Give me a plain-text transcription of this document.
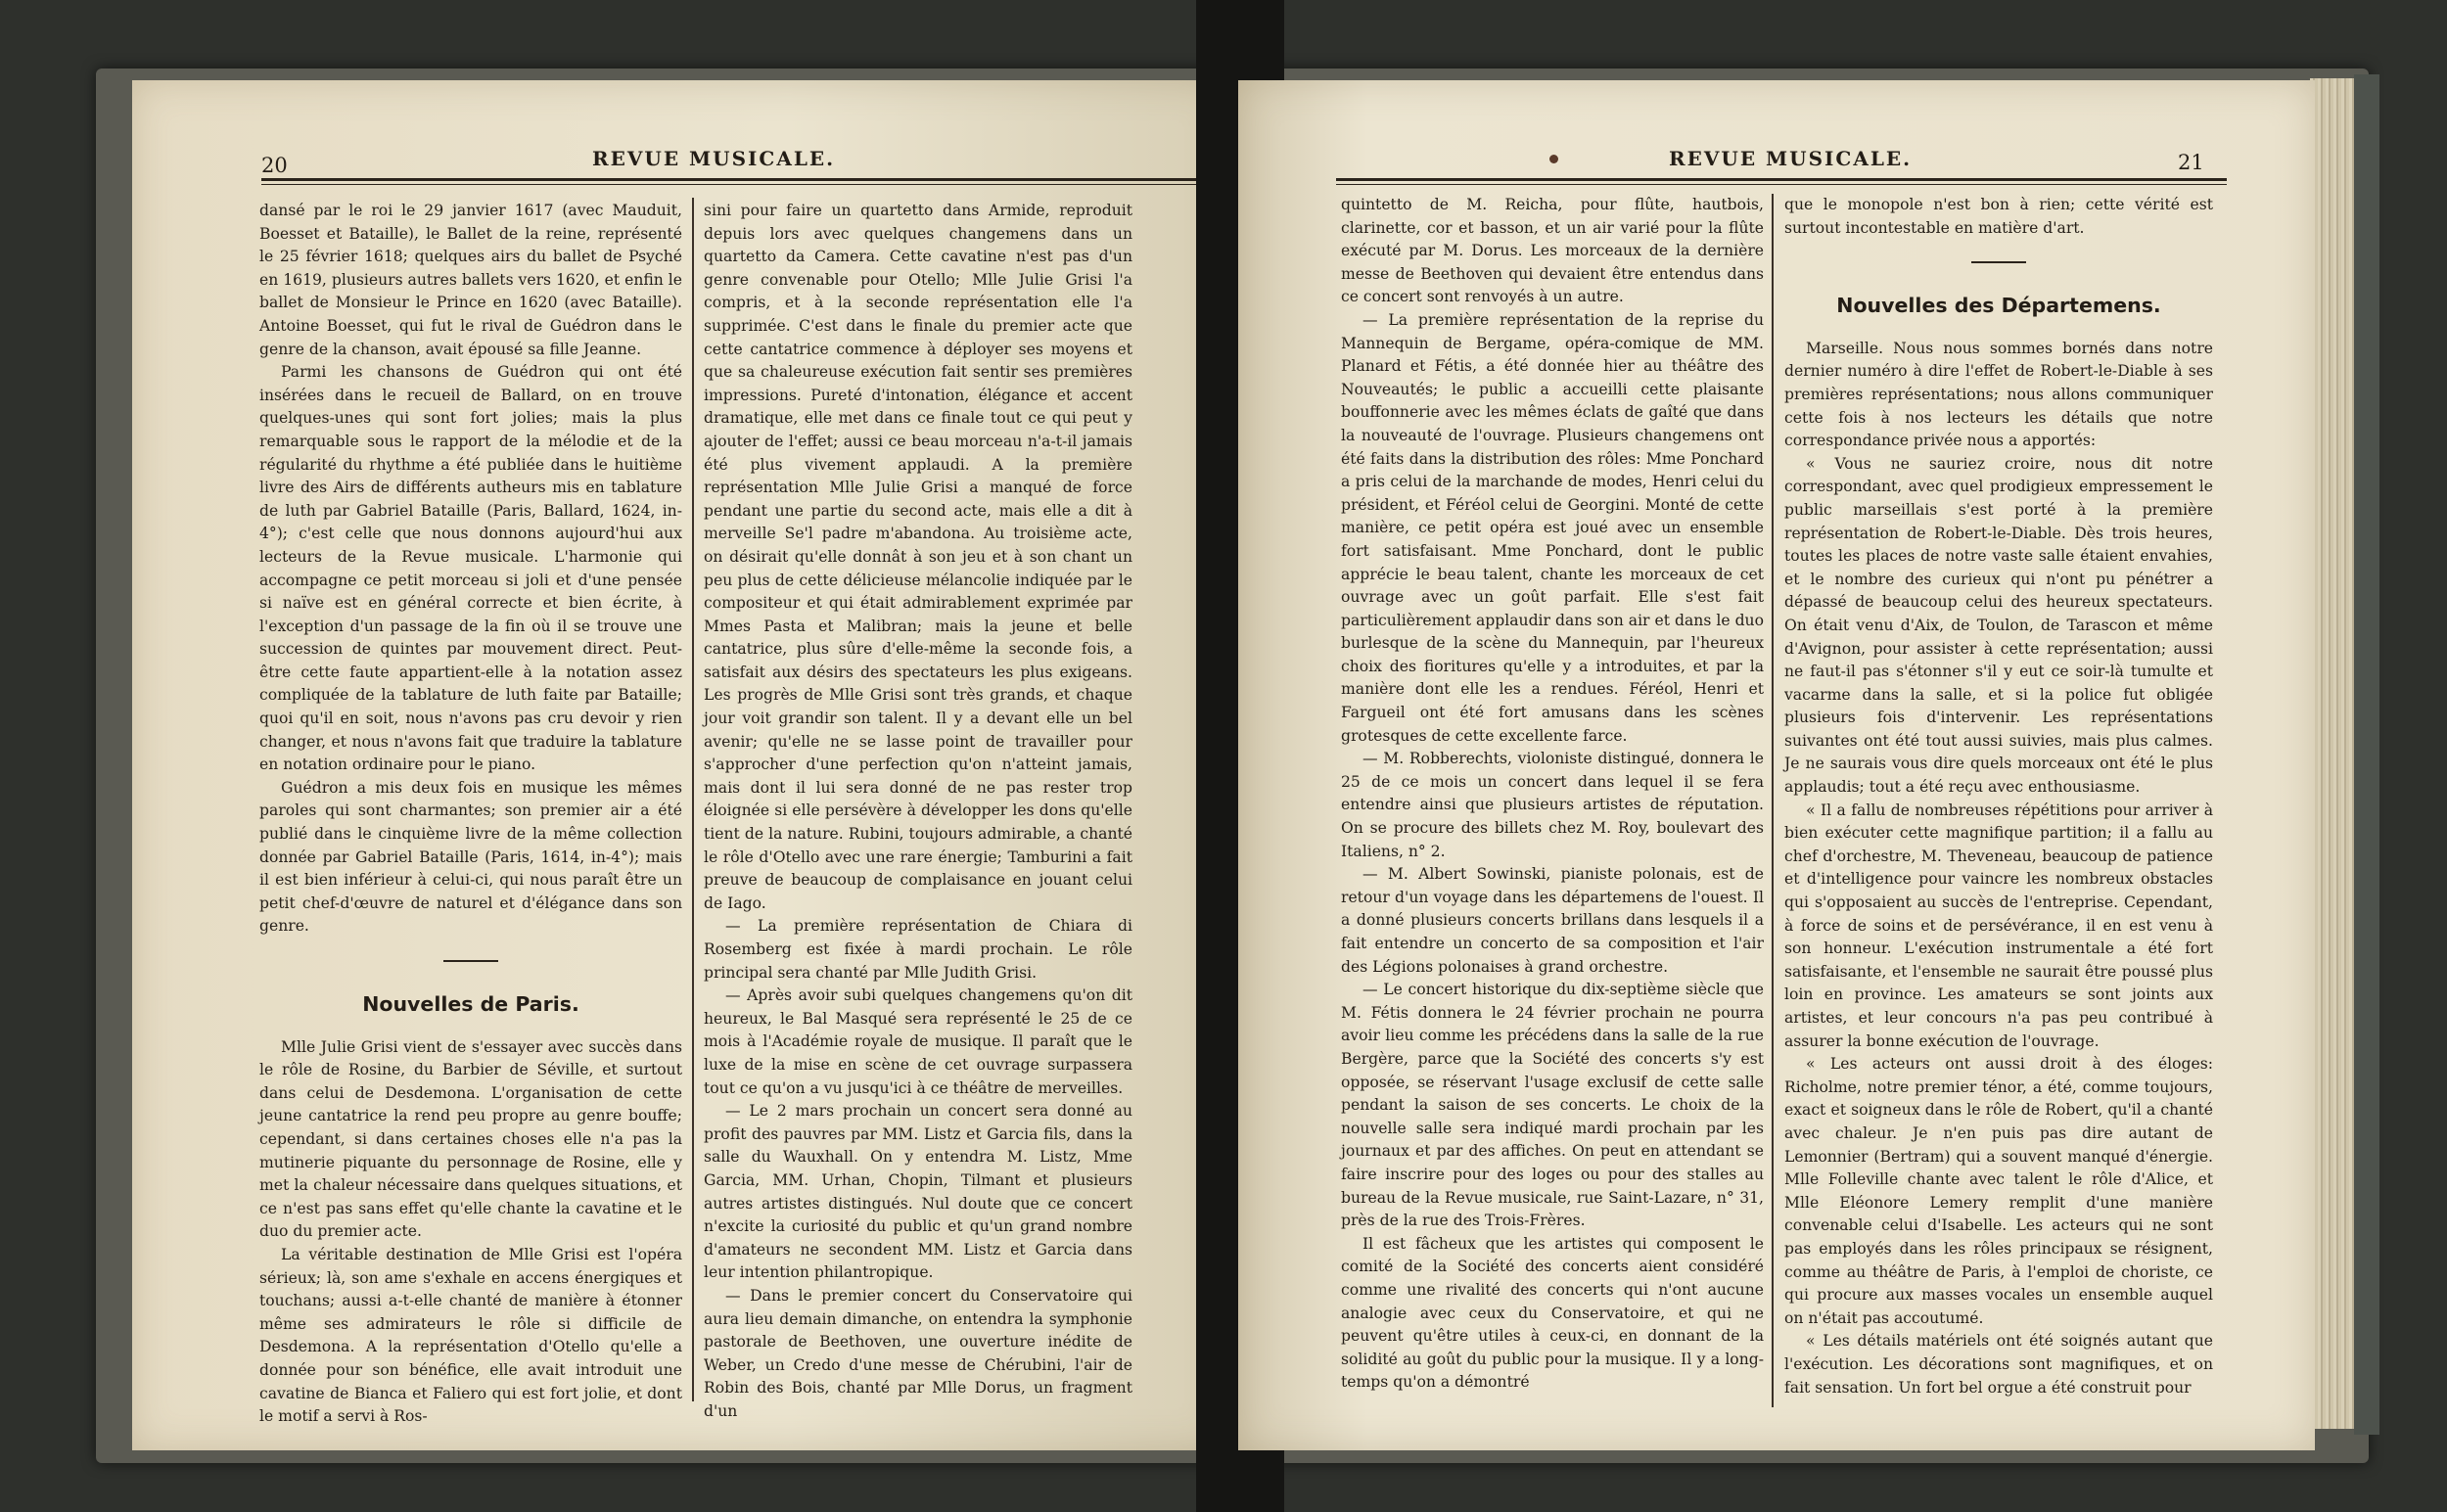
20	REVUE MUSICALE.

dansé par le roi le 29 janvier 1617 (avec Mauduit, Boesset et Bataille), le Ballet de la reine, représenté le 25 février 1618; quelques airs du ballet de Psyché en 1619, plusieurs autres ballets vers 1620, et enfin le ballet de Monsieur le Prince en 1620 (avec Bataille). Antoine Boesset, qui fut le rival de Guédron dans le genre de la chanson, avait épousé sa fille Jeanne.

Parmi les chansons de Guédron qui ont été insérées dans le recueil de Ballard, on en trouve quelques-unes qui sont fort jolies; mais la plus remarquable sous le rapport de la mélodie et de la régularité du rhythme a été publiée dans le huitième livre des Airs de différents autheurs mis en tablature de luth par Gabriel Bataille (Paris, Ballard, 1624, in-4°); c'est celle que nous donnons aujourd'hui aux lecteurs de la Revue musicale. L'harmonie qui accompagne ce petit morceau si joli et d'une pensée si naïve est en général correcte et bien écrite, à l'exception d'un passage de la fin où il se trouve une succession de quintes par mouvement direct. Peut-être cette faute appartient-elle à la notation assez compliquée de la tablature de luth faite par Bataille; quoi qu'il en soit, nous n'avons pas cru devoir y rien changer, et nous n'avons fait que traduire la tablature en notation ordinaire pour le piano.

Guédron a mis deux fois en musique les mêmes paroles qui sont charmantes; son premier air a été publié dans le cinquième livre de la même collection donnée par Gabriel Bataille (Paris, 1614, in-4°); mais il est bien inférieur à celui-ci, qui nous paraît être un petit chef-d'œuvre de naturel et d'élégance dans son genre.

Nouvelles de Paris.

Mlle Julie Grisi vient de s'essayer avec succès dans le rôle de Rosine, du Barbier de Séville, et surtout dans celui de Desdemona. L'organisation de cette jeune cantatrice la rend peu propre au genre bouffe; cependant, si dans certaines choses elle n'a pas la mutinerie piquante du personnage de Rosine, elle y met la chaleur nécessaire dans quelques situations, et ce n'est pas sans effet qu'elle chante la cavatine et le duo du premier acte.

La véritable destination de Mlle Grisi est l'opéra sérieux; là, son ame s'exhale en accens énergiques et touchans; aussi a-t-elle chanté de manière à étonner même ses admirateurs le rôle si difficile de Desdemona. A la représentation d'Otello qu'elle a donnée pour son bénéfice, elle avait introduit une cavatine de Bianca et Faliero qui est fort jolie, et dont le motif a servi à Ros-

sini pour faire un quartetto dans Armide, reproduit depuis lors avec quelques changemens dans un quartetto da Camera. Cette cavatine n'est pas d'un genre convenable pour Otello; Mlle Julie Grisi l'a compris, et à la seconde représentation elle l'a supprimée. C'est dans le finale du premier acte que cette cantatrice commence à déployer ses moyens et que sa chaleureuse exécution fait sentir ses premières impressions. Pureté d'intonation, élégance et accent dramatique, elle met dans ce finale tout ce qui peut y ajouter de l'effet; aussi ce beau morceau n'a-t-il jamais été plus vivement applaudi. A la première représentation Mlle Julie Grisi a manqué de force pendant une partie du second acte, mais elle a dit à merveille Se'l padre m'abandona. Au troisième acte, on désirait qu'elle donnât à son jeu et à son chant un peu plus de cette délicieuse mélancolie indiquée par le compositeur et qui était admirablement exprimée par Mmes Pasta et Malibran; mais la jeune et belle cantatrice, plus sûre d'elle-même la seconde fois, a satisfait aux désirs des spectateurs les plus exigeans. Les progrès de Mlle Grisi sont très grands, et chaque jour voit grandir son talent. Il y a devant elle un bel avenir; qu'elle ne se lasse point de travailler pour s'approcher d'une perfection qu'on n'atteint jamais, mais dont il lui sera donné de ne pas rester trop éloignée si elle persévère à développer les dons qu'elle tient de la nature. Rubini, toujours admirable, a chanté le rôle d'Otello avec une rare énergie; Tamburini a fait preuve de beaucoup de complaisance en jouant celui de Iago.

— La première représentation de Chiara di Rosemberg est fixée à mardi prochain. Le rôle principal sera chanté par Mlle Judith Grisi.

— Après avoir subi quelques changemens qu'on dit heureux, le Bal Masqué sera représenté le 25 de ce mois à l'Académie royale de musique. Il paraît que le luxe de la mise en scène de cet ouvrage surpassera tout ce qu'on a vu jusqu'ici à ce théâtre de merveilles.

— Le 2 mars prochain un concert sera donné au profit des pauvres par MM. Listz et Garcia fils, dans la salle du Wauxhall. On y entendra M. Listz, Mme Garcia, MM. Urhan, Chopin, Tilmant et plusieurs autres artistes distingués. Nul doute que ce concert n'excite la curiosité du public et qu'un grand nombre d'amateurs ne secondent MM. Listz et Garcia dans leur intention philantropique.

— Dans le premier concert du Conservatoire qui aura lieu demain dimanche, on entendra la symphonie pastorale de Beethoven, une ouverture inédite de Weber, un Credo d'une messe de Chérubini, l'air de Robin des Bois, chanté par Mlle Dorus, un fragment d'un

REVUE MUSICALE.	21

quintetto de M. Reicha, pour flûte, hautbois, clarinette, cor et basson, et un air varié pour la flûte exécuté par M. Dorus. Les morceaux de la dernière messe de Beethoven qui devaient être entendus dans ce concert sont renvoyés à un autre.

— La première représentation de la reprise du Mannequin de Bergame, opéra-comique de MM. Planard et Fétis, a été donnée hier au théâtre des Nouveautés; le public a accueilli cette plaisante bouffonnerie avec les mêmes éclats de gaîté que dans la nouveauté de l'ouvrage. Plusieurs changemens ont été faits dans la distribution des rôles: Mme Ponchard a pris celui de la marchande de modes, Henri celui du président, et Féréol celui de Georgini. Monté de cette manière, ce petit opéra est joué avec un ensemble fort satisfaisant. Mme Ponchard, dont le public apprécie le beau talent, chante les morceaux de cet ouvrage avec un goût parfait. Elle s'est fait particulièrement applaudir dans son air et dans le duo burlesque de la scène du Mannequin, par l'heureux choix des fioritures qu'elle y a introduites, et par la manière dont elle les a rendues. Féréol, Henri et Fargueil ont été fort amusans dans les scènes grotesques de cette excellente farce.

— M. Robberechts, violoniste distingué, donnera le 25 de ce mois un concert dans lequel il se fera entendre ainsi que plusieurs artistes de réputation. On se procure des billets chez M. Roy, boulevart des Italiens, n° 2.

— M. Albert Sowinski, pianiste polonais, est de retour d'un voyage dans les départemens de l'ouest. Il a donné plusieurs concerts brillans dans lesquels il a fait entendre un concerto de sa composition et l'air des Légions polonaises à grand orchestre.

— Le concert historique du dix-septième siècle que M. Fétis donnera le 24 février prochain ne pourra avoir lieu comme les précédens dans la salle de la rue Bergère, parce que la Société des concerts s'y est opposée, se réservant l'usage exclusif de cette salle pendant la saison de ses concerts. Le choix de la nouvelle salle sera indiqué mardi prochain par les journaux et par des affiches. On peut en attendant se faire inscrire pour des loges ou pour des stalles au bureau de la Revue musicale, rue Saint-Lazare, n° 31, près de la rue des Trois-Frères.

Il est fâcheux que les artistes qui composent le comité de la Société des concerts aient considéré comme une rivalité des concerts qui n'ont aucune analogie avec ceux du Conservatoire, et qui ne peuvent qu'être utiles à ceux-ci, en donnant de la solidité au goût du public pour la musique. Il y a long-temps qu'on a démontré

que le monopole n'est bon à rien; cette vérité est surtout incontestable en matière d'art.

Nouvelles des Départemens.

Marseille. Nous nous sommes bornés dans notre dernier numéro à dire l'effet de Robert-le-Diable à ses premières représentations; nous allons communiquer cette fois à nos lecteurs les détails que notre correspondance privée nous a apportés:

« Vous ne sauriez croire, nous dit notre correspondant, avec quel prodigieux empressement le public marseillais s'est porté à la première représentation de Robert-le-Diable. Dès trois heures, toutes les places de notre vaste salle étaient envahies, et le nombre des curieux qui n'ont pu pénétrer a dépassé de beaucoup celui des heureux spectateurs. On était venu d'Aix, de Toulon, de Tarascon et même d'Avignon, pour assister à cette représentation; aussi ne faut-il pas s'étonner s'il y eut ce soir-là tumulte et vacarme dans la salle, et si la police fut obligée plusieurs fois d'intervenir. Les représentations suivantes ont été tout aussi suivies, mais plus calmes. Je ne saurais vous dire quels morceaux ont été le plus applaudis; tout a été reçu avec enthousiasme.

« Il a fallu de nombreuses répétitions pour arriver à bien exécuter cette magnifique partition; il a fallu au chef d'orchestre, M. Theveneau, beaucoup de patience et d'intelligence pour vaincre les nombreux obstacles qui s'opposaient au succès de l'entreprise. Cependant, à force de soins et de persévérance, il en est venu à son honneur. L'exécution instrumentale a été fort satisfaisante, et l'ensemble ne saurait être poussé plus loin en province. Les amateurs se sont joints aux artistes, et leur concours n'a pas peu contribué à assurer la bonne exécution de l'ouvrage.

« Les acteurs ont aussi droit à des éloges: Richolme, notre premier ténor, a été, comme toujours, exact et soigneux dans le rôle de Robert, qu'il a chanté avec chaleur. Je n'en puis pas dire autant de Lemonnier (Bertram) qui a souvent manqué d'énergie. Mlle Folleville chante avec talent le rôle d'Alice, et Mlle Eléonore Lemery remplit d'une manière convenable celui d'Isabelle. Les acteurs qui ne sont pas employés dans les rôles principaux se résignent, comme au théâtre de Paris, à l'emploi de choriste, ce qui procure aux masses vocales un ensemble auquel on n'était pas accoutumé.

« Les détails matériels ont été soignés autant que l'exécution. Les décorations sont magnifiques, et on fait sensation. Un fort bel orgue a été construit pour
